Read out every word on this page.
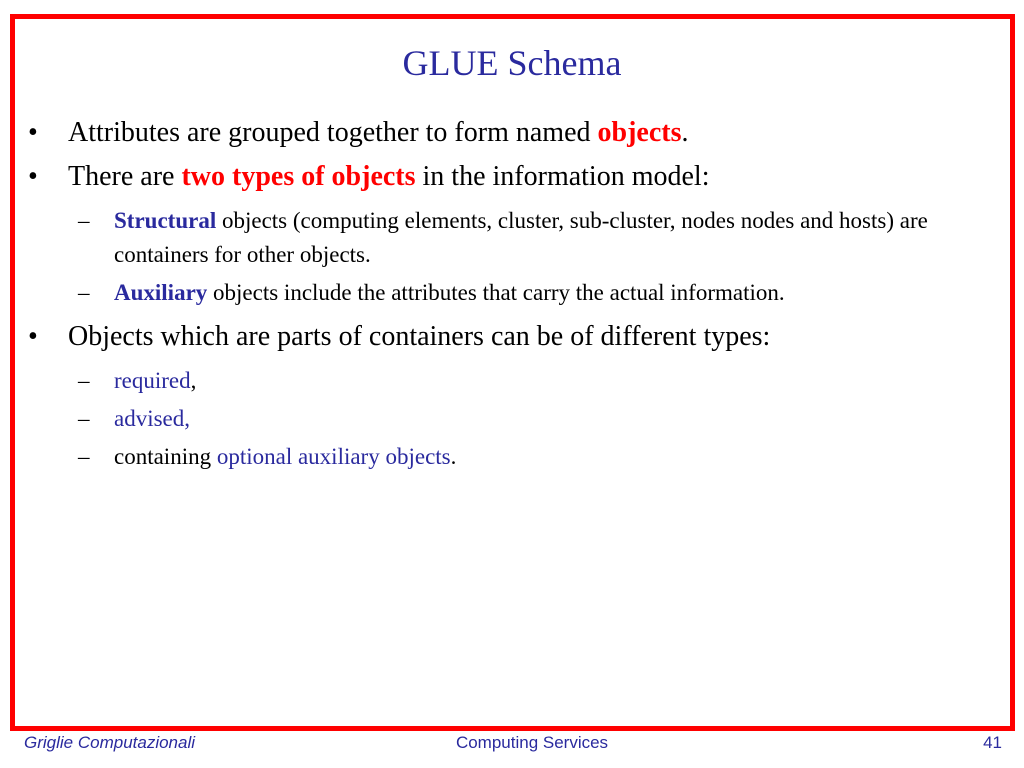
GLUE Schema
•	Attributes are grouped together to form named objects.
•	There are two types of objects in the information model:
– Structural objects (computing elements, cluster, sub-cluster, nodes nodes and hosts) are containers for other objects.
– Auxiliary objects include the attributes that carry the actual information.
•	Objects which are parts of containers can be of different types:
– required,
– advised,
– containing optional auxiliary objects.
Griglie Computazionali	Computing Services	41
